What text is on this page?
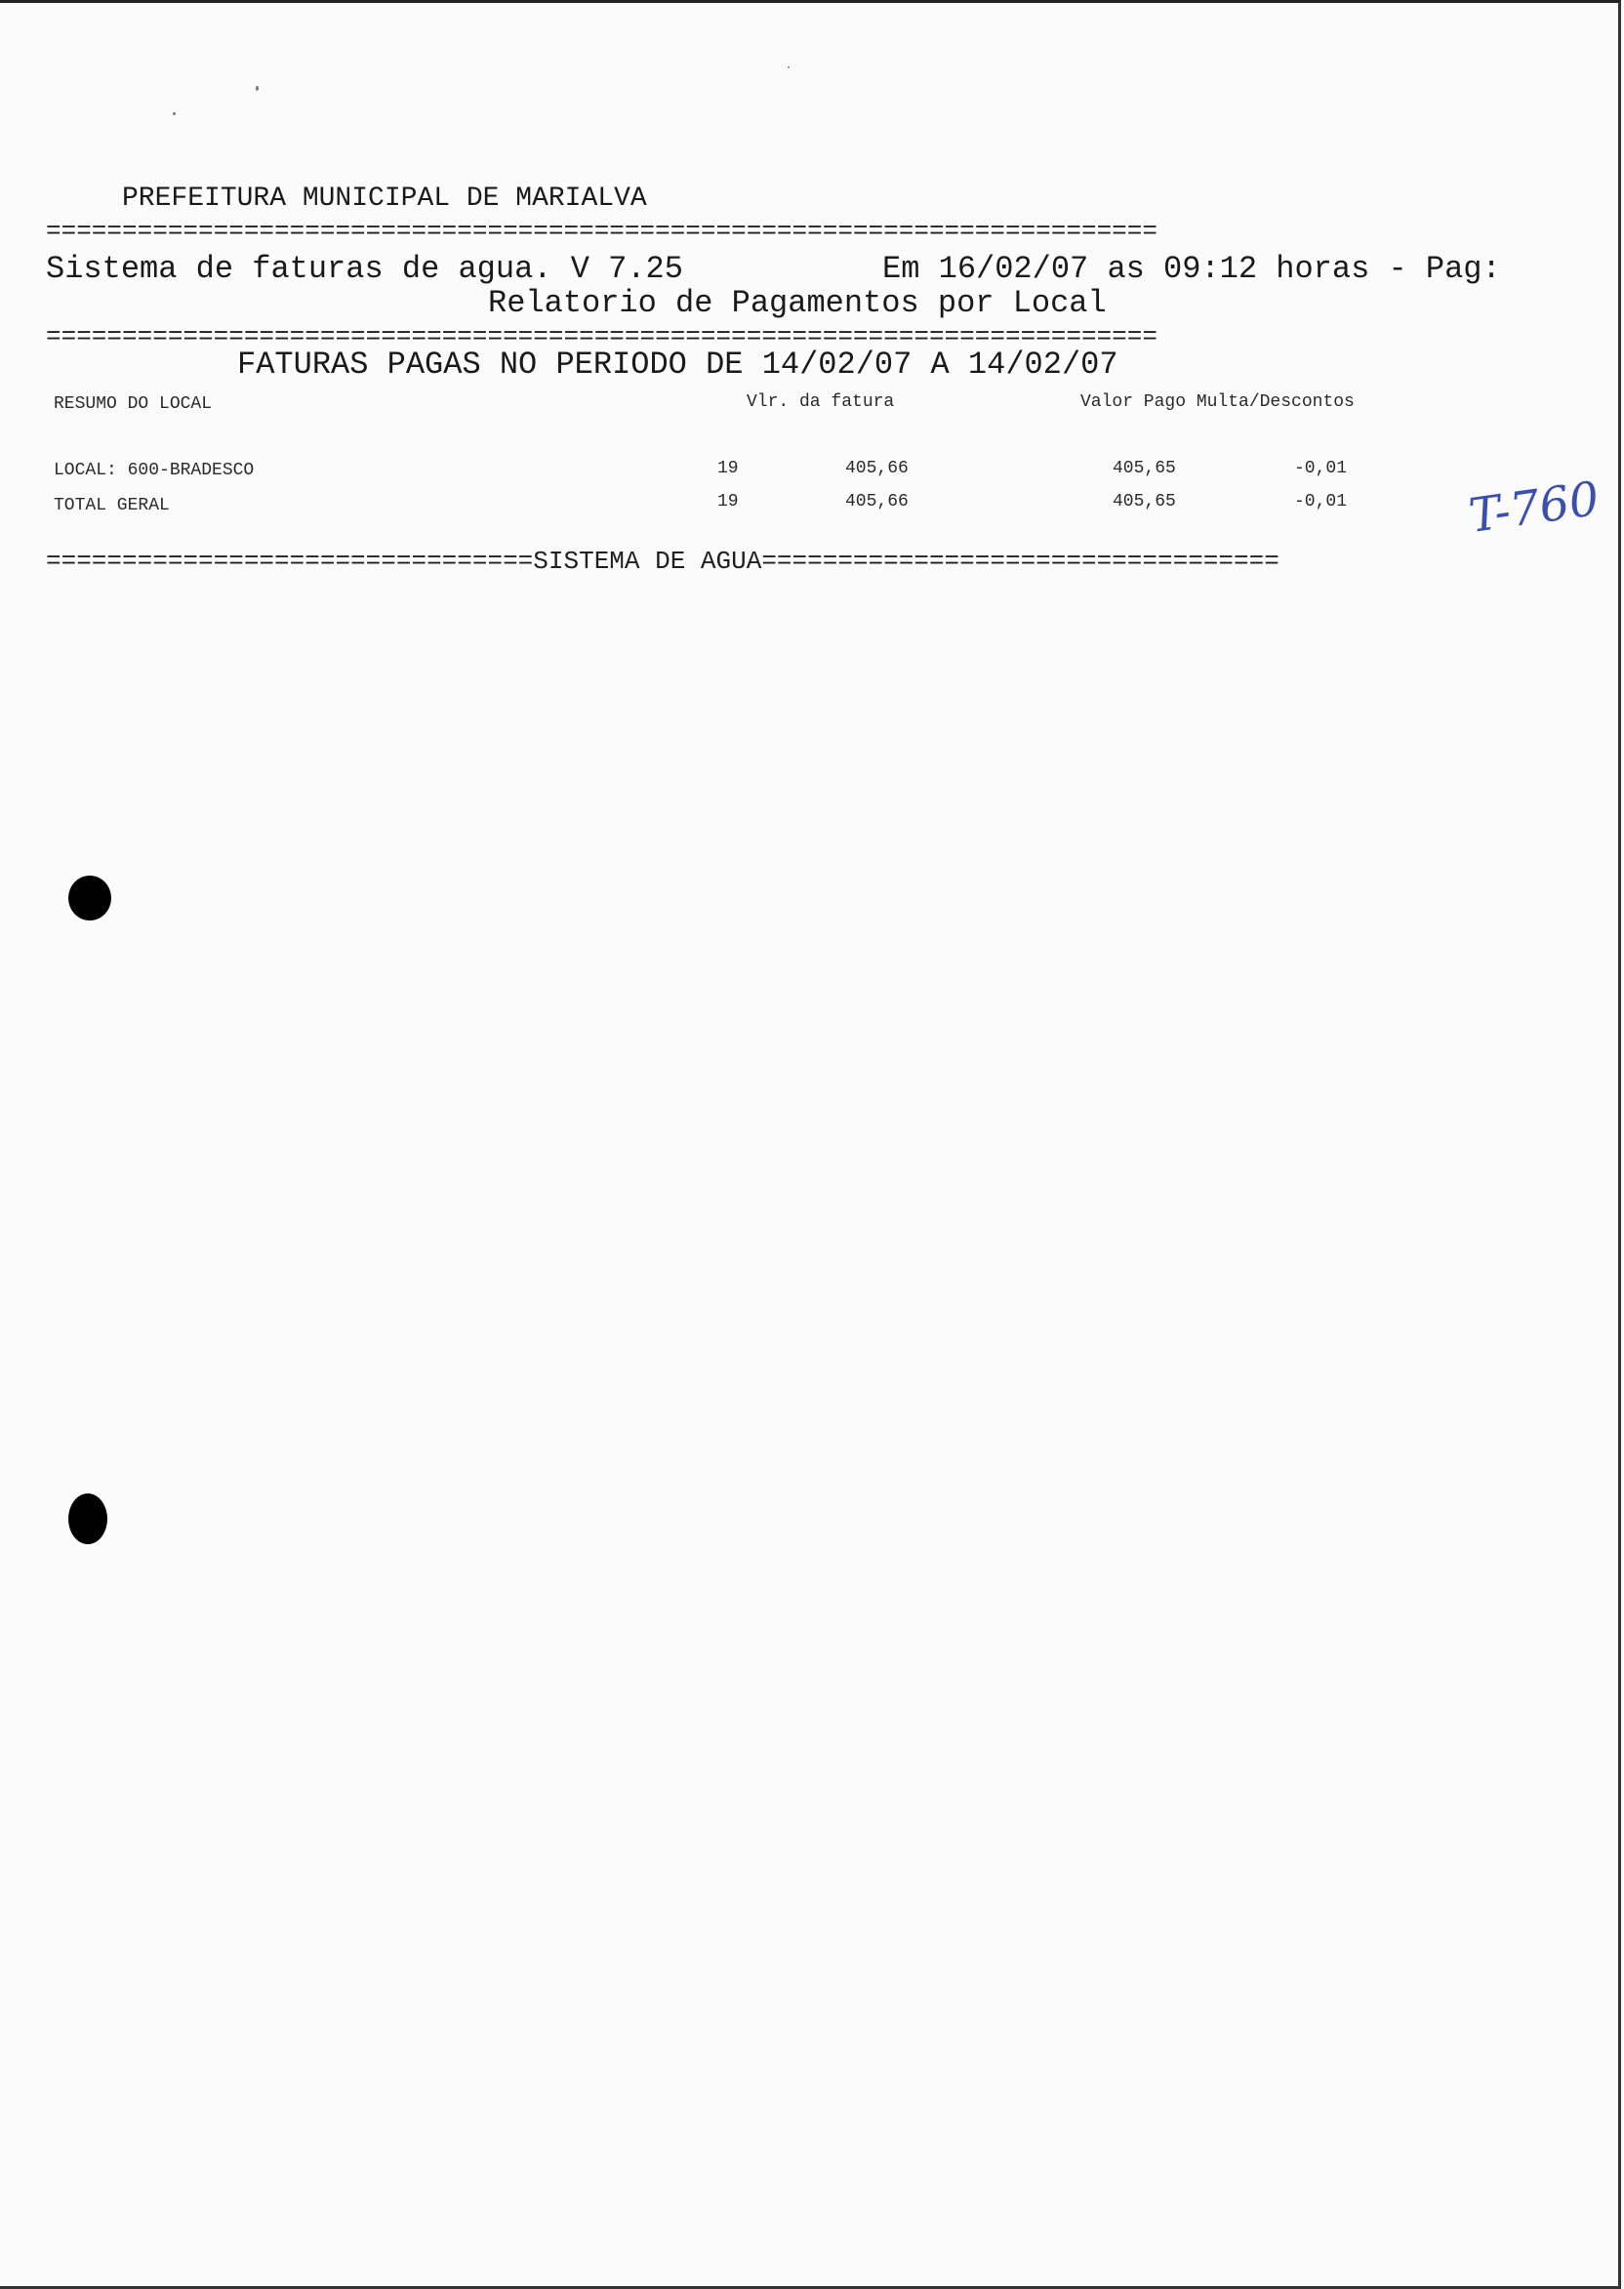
PREFEITURA MUNICIPAL DE MARIALVA
=========================================================================
Sistema de faturas de agua. V 7.25	Em 16/02/07 as 09:12 horas - Pag:
Relatorio de Pagamentos por Local
=========================================================================
FATURAS PAGAS NO PERIODO DE 14/02/07 A 14/02/07
RESUMO DO LOCAL	Vlr. da fatura	Valor Pago Multa/Descontos
LOCAL: 600-BRADESCO	19	405,66	405,65	-0,01
TOTAL GERAL	19	405,66	405,65	-0,01	T-760
================================SISTEMA DE AGUA==================================
